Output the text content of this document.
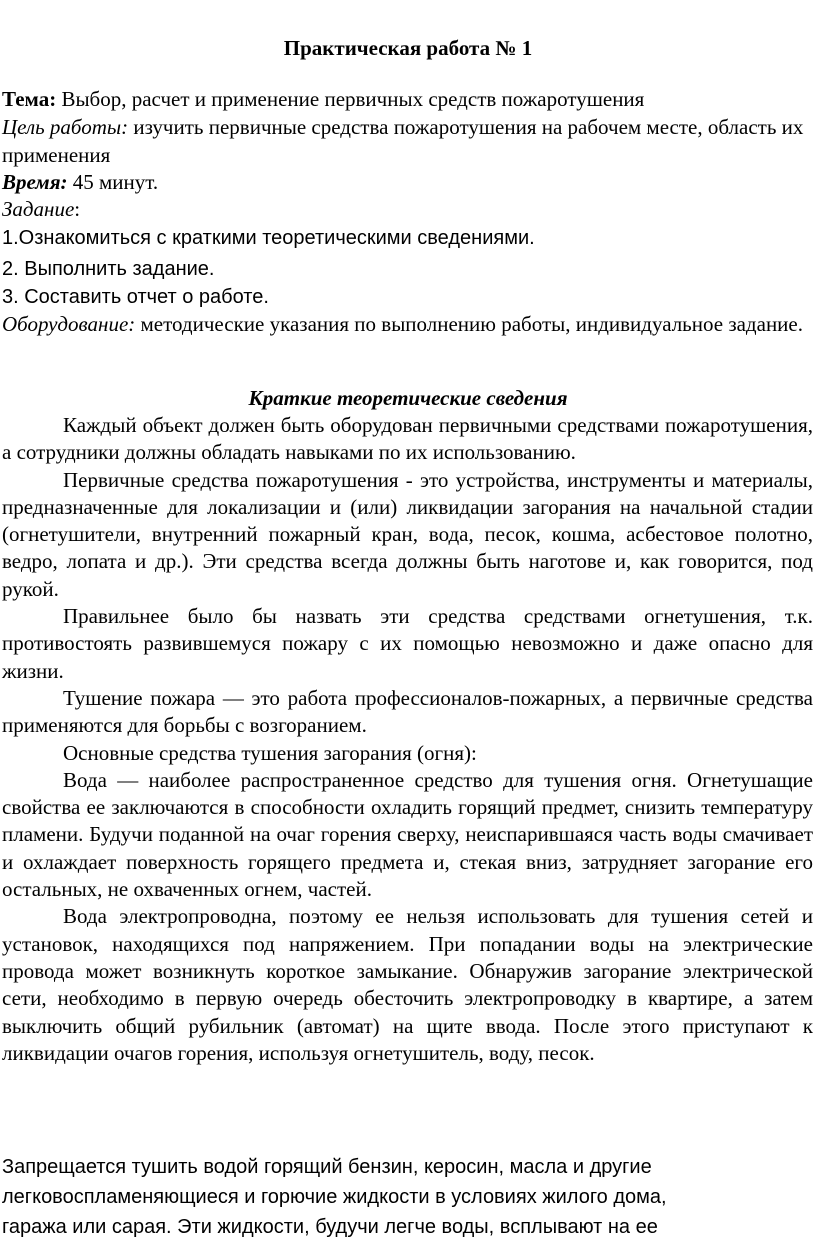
Практическая работа № 1
Тема: Выбор, расчет и применение первичных средств пожаротушения
Цель работы: изучить первичные средства пожаротушения на рабочем месте, область их применения
Время: 45 минут.
Задание:
1.Ознакомиться с краткими теоретическими сведениями.
2. Выполнить задание.
3. Составить отчет о работе.
Оборудование: методические указания по выполнению работы, индивидуальное задание.
Краткие теоретические сведения

Каждый объект должен быть оборудован первичными средствами пожаротушения, а сотрудники должны обладать навыками по их использованию.

Первичные средства пожаротушения - это устройства, инструменты и материалы, предназначенные для локализации и (или) ликвидации загорания на начальной стадии (огнетушители, внутренний пожарный кран, вода, песок, кошма, асбестовое полотно, ведро, лопата и др.). Эти средства всегда должны быть наготове и, как говорится, под рукой.

Правильнее было бы назвать эти средства средствами огнетушения, т.к. противостоять развившемуся пожару с их помощью невозможно и даже опасно для жизни.

Тушение пожара — это работа профессионалов-пожарных, а первичные средства применяются для борьбы с возгоранием.

Основные средства тушения загорания (огня):

Вода — наиболее распространенное средство для тушения огня. Огнетушащие свойства ее заключаются в способности охладить горящий предмет, снизить температуру пламени. Будучи поданной на очаг горения сверху, неиспарившаяся часть воды смачивает и охлаждает поверхность горящего предмета и, стекая вниз, затрудняет загорание его остальных, не охваченных огнем, частей.

Вода электропроводна, поэтому ее нельзя использовать для тушения сетей и установок, находящихся под напряжением. При попадании воды на электрические провода может возникнуть короткое замыкание. Обнаружив загорание электрической сети, необходимо в первую очередь обесточить электропроводку в квартире, а затем выключить общий рубильник (автомат) на щите ввода. После этого приступают к ликвидации очагов горения, используя огнетушитель, воду, песок.

Запрещается тушить водой горящий бензин, керосин, масла и другие
легковоспламеняющиеся и горючие жидкости в условиях жилого дома,
гаража или сарая. Эти жидкости, будучи легче воды, всплывают на ее
